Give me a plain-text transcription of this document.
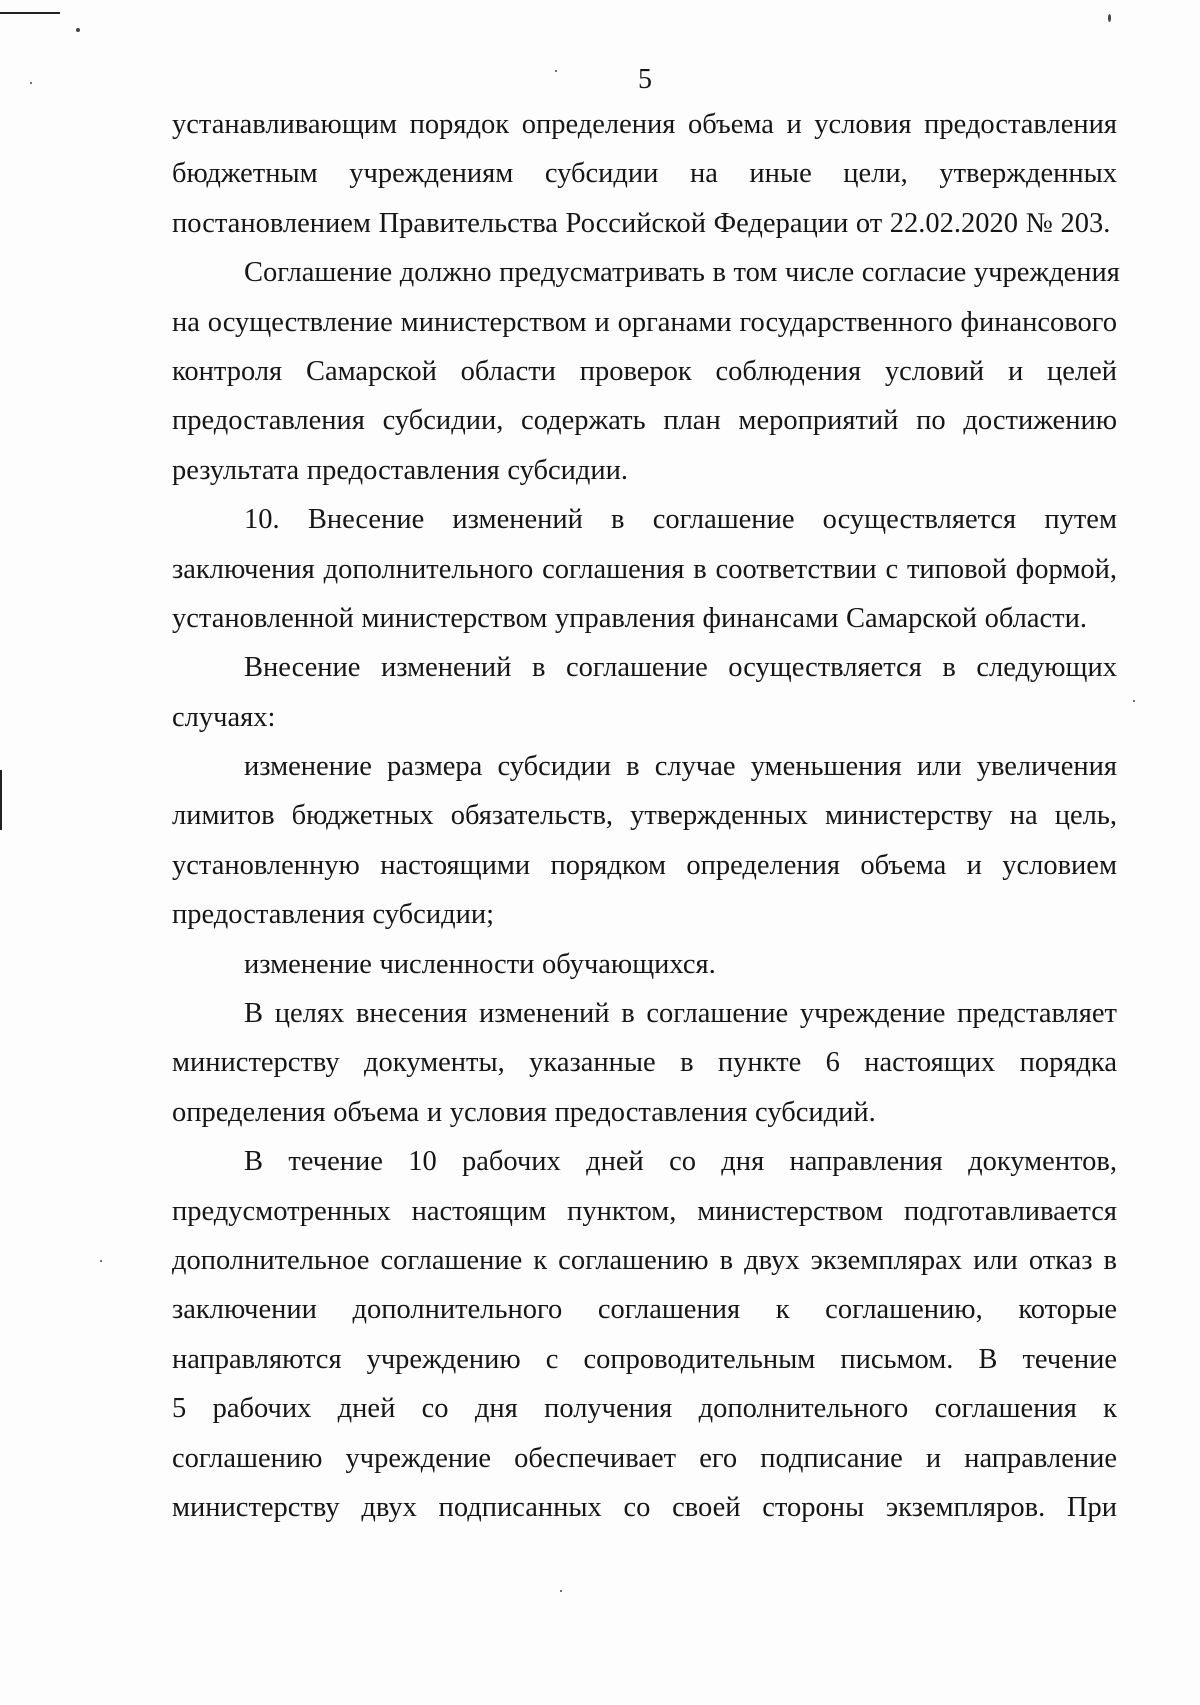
5
устанавливающим порядок определения объема и условия предоставления
бюджетным учреждениям субсидии на иные цели, утвержденных
постановлением Правительства Российской Федерации от 22.02.2020 № 203.
Соглашение должно предусматривать в том числе согласие учреждения
на осуществление министерством и органами государственного финансового
контроля Самарской области проверок соблюдения условий и целей
предоставления субсидии, содержать план мероприятий по достижению
результата предоставления субсидии.
10. Внесение изменений в соглашение осуществляется путем
заключения дополнительного соглашения в соответствии с типовой формой,
установленной министерством управления финансами Самарской области.
Внесение изменений в соглашение осуществляется в следующих
случаях:
изменение размера субсидии в случае уменьшения или увеличения
лимитов бюджетных обязательств, утвержденных министерству на цель,
установленную настоящими порядком определения объема и условием
предоставления субсидии;
изменение численности обучающихся.
В целях внесения изменений в соглашение учреждение представляет
министерству документы, указанные в пункте 6 настоящих порядка
определения объема и условия предоставления субсидий.
В течение 10 рабочих дней со дня направления документов,
предусмотренных настоящим пунктом, министерством подготавливается
дополнительное соглашение к соглашению в двух экземплярах или отказ в
заключении дополнительного соглашения к соглашению, которые
направляются учреждению с сопроводительным письмом. В течение
5 рабочих дней со дня получения дополнительного соглашения к
соглашению учреждение обеспечивает его подписание и направление
министерству двух подписанных со своей стороны экземпляров. При
